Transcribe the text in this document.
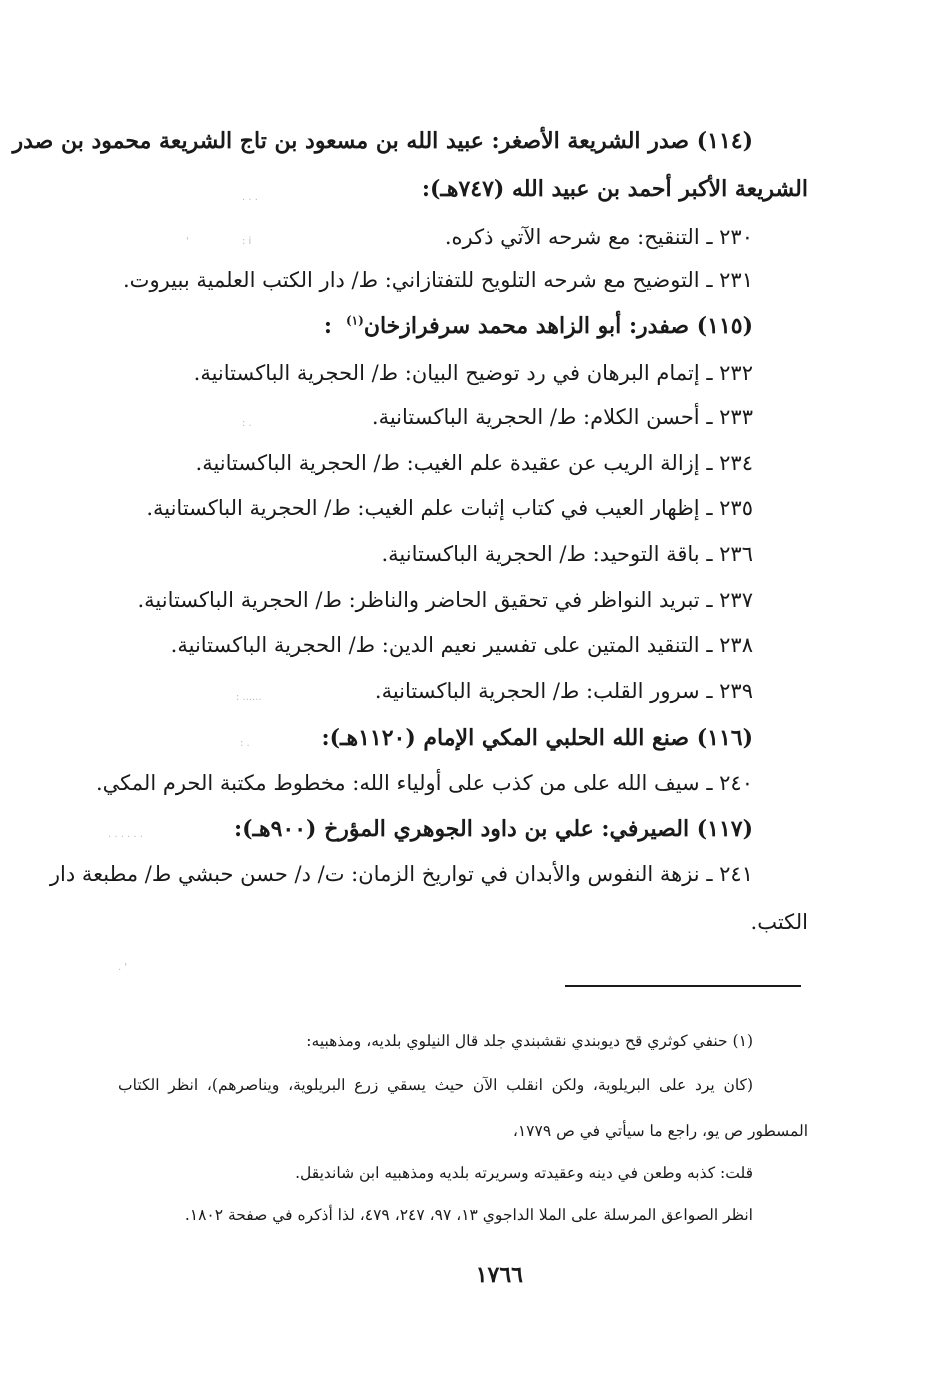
(١١٤) صدر الشريعة الأصغر: عبيد الله بن مسعود بن تاج الشريعة محمود بن صدر
الشريعة الأكبر أحمد بن عبيد الله (٧٤٧هـ):
٢٣٠ ـ التنقيح: مع شرحه الآتي ذكره.
٢٣١ ـ التوضيح مع شرحه التلويح للتفتازاني: ط/ دار الكتب العلمية ببيروت.
(١١٥) صفدر: أبو الزاهد محمد سرفرازخان$^{(١)}$:
٢٣٢ ـ إتمام البرهان في رد توضيح البيان: ط/ الحجرية الباكستانية.
٢٣٣ ـ أحسن الكلام: ط/ الحجرية الباكستانية.
٢٣٤ ـ إزالة الريب عن عقيدة علم الغيب: ط/ الحجرية الباكستانية.
٢٣٥ ـ إظهار العيب في كتاب إثبات علم الغيب: ط/ الحجرية الباكستانية.
٢٣٦ ـ باقة التوحيد: ط/ الحجرية الباكستانية.
٢٣٧ ـ تبريد النواظر في تحقيق الحاضر والناظر: ط/ الحجرية الباكستانية.
٢٣٨ ـ التنقيد المتين على تفسير نعيم الدين: ط/ الحجرية الباكستانية.
٢٣٩ ـ سرور القلب: ط/ الحجرية الباكستانية.
(١١٦) صنع الله الحلبي المكي الإمام (١١٢٠هـ):
٢٤٠ ـ سيف الله على من كذب على أولياء الله: مخطوط مكتبة الحرم المكي.
(١١٧) الصيرفي: علي بن داود الجوهري المؤرخ (٩٠٠هـ):
٢٤١ ـ نزهة النفوس والأبدان في تواريخ الزمان: ت/ د/ حسن حبشي ط/ مطبعة دار
الكتب.
(١) حنفي كوثري قح ديوبندي نقشبندي جلد قال النيلوي بلديه، ومذهبيه:
(كان يرد على البريلوية، ولكن انقلب الآن حيث يسقي زرع البريلوية، ويناصرهم)، انظر الكتاب
المسطور ص يو، راجع ما سيأتي في ص ١٧٧٩،
قلت: كذبه وطعن في دينه وعقيدته وسريرته بلديه ومذهبيه ابن شانديقل.
انظر الصواعق المرسلة على الملا الداجوي ١٣، ٩٧، ٢٤٧، ٤٧٩، لذا أذكره في صفحة ١٨٠٢.
١٧٦٦
. . .
: i
'
: .
: ......
: .
. . . . . .
. '
